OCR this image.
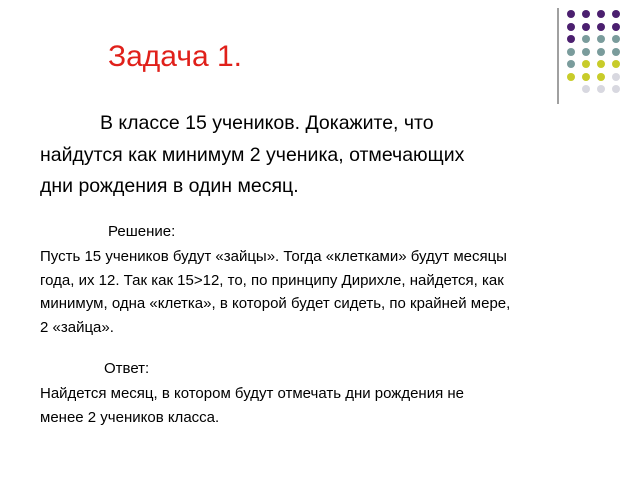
Задача 1.
В классе 15 учеников. Докажите, что
найдутся как минимум 2 ученика, отмечающих
дни рождения в один месяц.
Решение:
Пусть 15 учеников будут «зайцы». Тогда «клетками» будут месяцы
года, их 12. Так как 15>12, то, по принципу Дирихле, найдется, как
минимум, одна «клетка», в которой будет сидеть, по крайней мере,
2 «зайца».
Ответ:
Найдется месяц, в котором будут отмечать дни рождения не
менее 2 учеников класса.
